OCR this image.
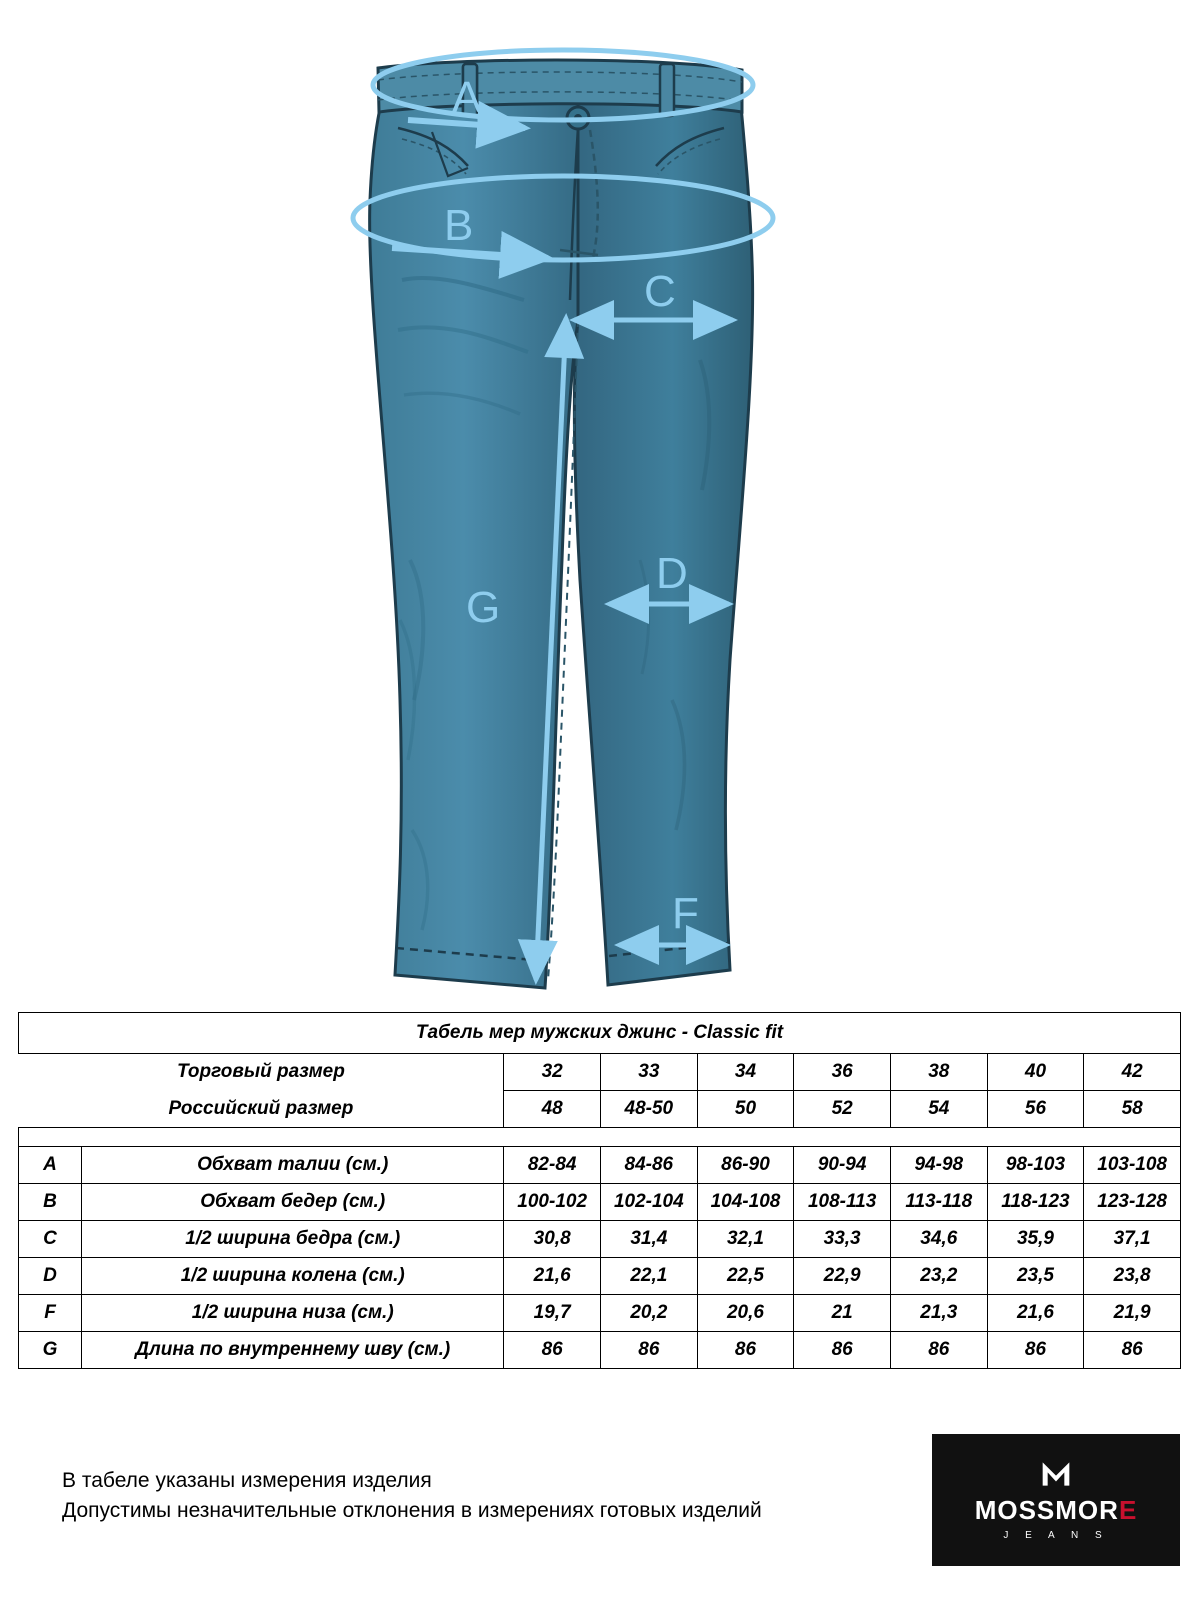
A
B
C
D
F
G
Табель мер мужских джинс - Classic fit								
Торговый размер		32	33	34	36	38	40	42
Российский размер		48	48-50	50	52	54	56	58

A	Обхват талии (см.)	82-84	84-86	86-90	90-94	94-98	98-103	103-108
B	Обхват бедер (см.)	100-102	102-104	104-108	108-113	113-118	118-123	123-128
C	1/2 ширина бедра (см.)	30,8	31,4	32,1	33,3	34,6	35,9	37,1
D	1/2 ширина колена (см.)	21,6	22,1	22,5	22,9	23,2	23,5	23,8
F	1/2 ширина низа (см.)	19,7	20,2	20,6	21	21,3	21,6	21,9
G	Длина по внутреннему шву (см.)	86	86	86	86	86	86	86
В табеле указаны измерения изделия
Допустимы незначительные отклонения в измерениях готовых изделий	MOSSMORE
J E A N S
